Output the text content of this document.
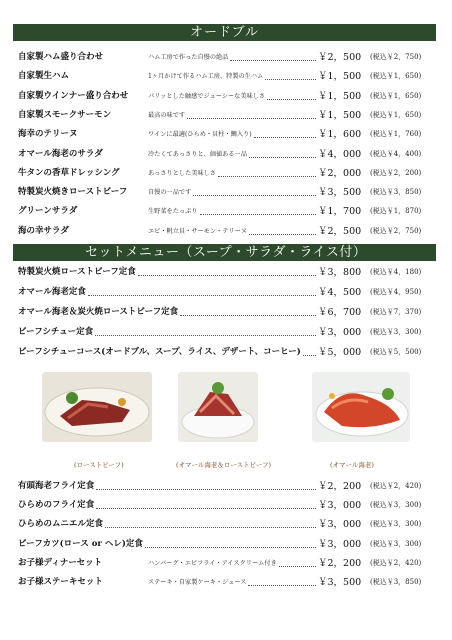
オードブル
自家製ハム盛り合わせ	ハム工房で作った自慢の絶品	￥2，500 (税込￥2，750)
自家製生ハム	1ヶ月かけて作るハム工房、特製の生ハム	￥1，500 (税込￥1，650)
自家製ウインナー盛り合わせ	パリッとした触感でジューシーな美味しさ	￥1，500 (税込￥1，650)
自家製スモークサーモン	最高の味です	￥1，500 (税込￥1，650)
海幸のテリーヌ	ワインに最適(ひらめ・貝柱・鯛入り)	￥1，600 (税込￥1，760)
オマール海老のサラダ	冷たくてあっさりと、価値ある一品	￥4，000 (税込￥4，400)
牛タンの香草ドレッシング	あっさりとした美味しさ	￥2，000 (税込￥2，200)
特製炭火焼きローストビーフ	自慢の一品です	￥3，500 (税込￥3，850)
グリーンサラダ	生野菜をたっぷり	￥1，700 (税込￥1，870)
海の幸サラダ	エビ・帆立貝・サーモン・テリーヌ	￥2，500 (税込￥2，750)
セットメニュー（スープ・サラダ・ライス付）
特製炭火焼ローストビーフ定食	￥3，800 (税込￥4，180)
オマール海老定食	￥4，500 (税込￥4，950)
オマール海老＆炭火焼ローストビーフ定食	￥6，700 (税込￥7，370)
ビーフシチュー定食	￥3，000 (税込￥3，300)
ビーフシチューコース(オードブル、スープ、ライス、デザート、コーヒー) ￥5，000 (税込￥5，500)
(ローストビーフ)	(オマール海老＆ローストビーフ)	(オマール海老)
有頭海老フライ定食	￥2，200 (税込￥2，420)
ひらめのフライ定食	￥3，000 (税込￥3，300)
ひらめのムニエル定食	￥3，000 (税込￥3，300)
ビーフカツ(ロース or ヘレ)定食	￥3，000 (税込￥3，300)
お子様ディナーセット	ハンバーグ・エビフライ・アイスクリーム付き	￥2，200 (税込￥2，420)
お子様ステーキセット	ステーキ・自家製ケーキ・ジュース	￥3，500 (税込￥3，850)
